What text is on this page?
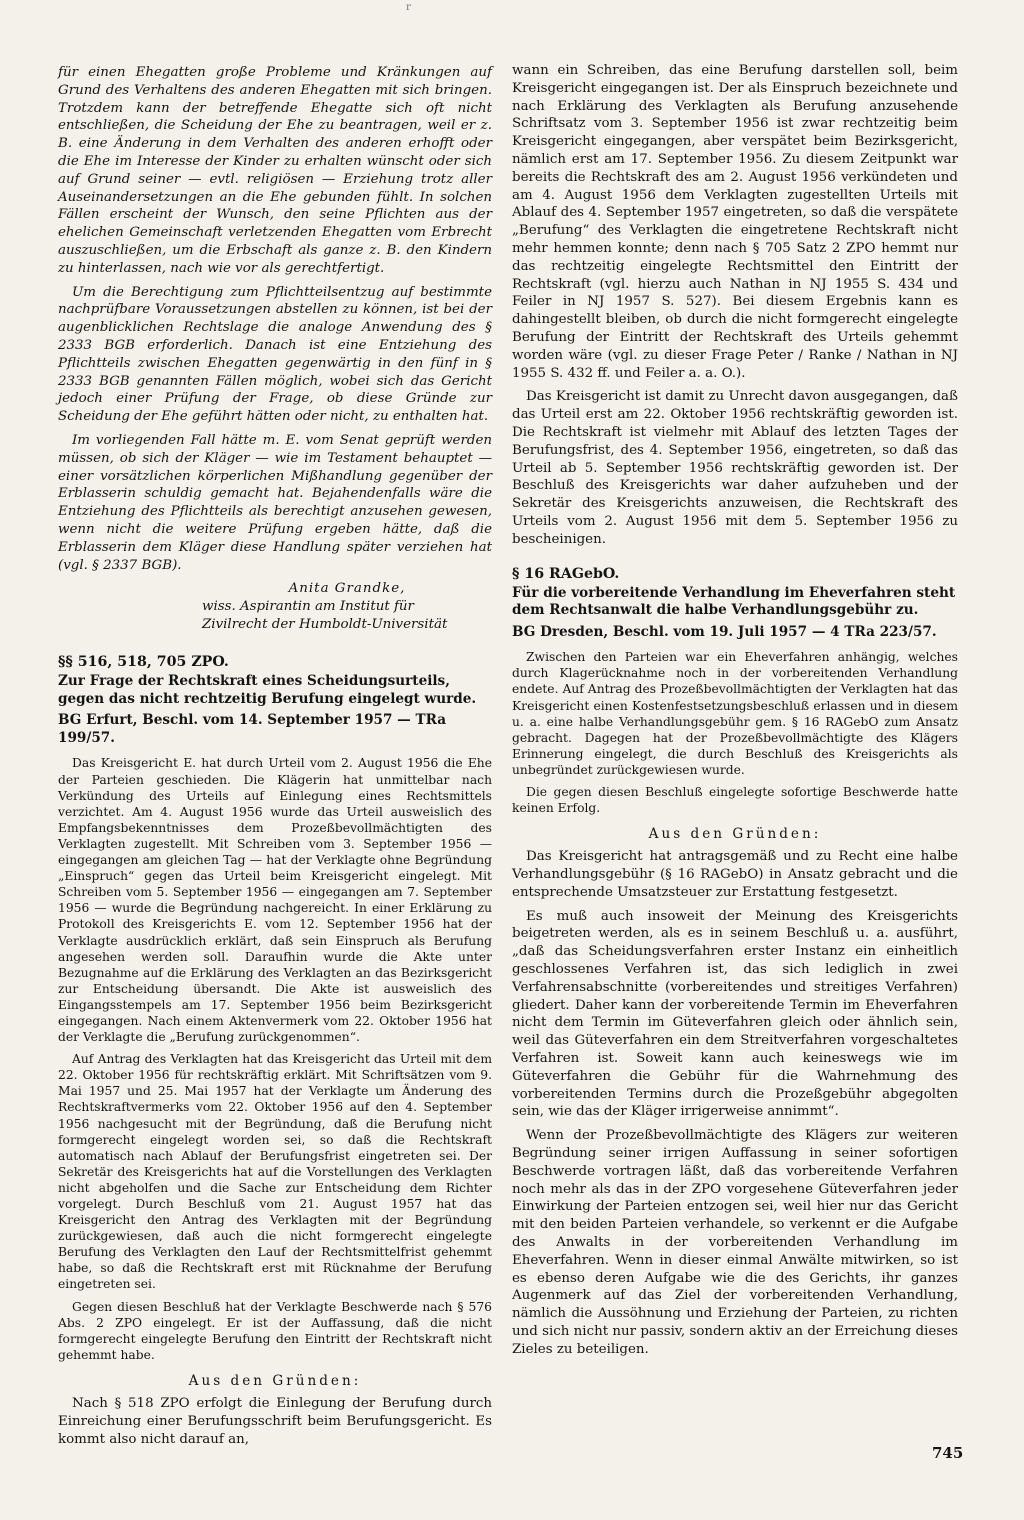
r

für einen Ehegatten große Probleme und Kränkungen auf Grund des Verhaltens des anderen Ehegatten mit sich bringen. Trotzdem kann der betreffende Ehegatte sich oft nicht entschließen, die Scheidung der Ehe zu beantragen, weil er z. B. eine Änderung in dem Verhalten des anderen erhofft oder die Ehe im Interesse der Kinder zu erhalten wünscht oder sich auf Grund seiner — evtl. religiösen — Erziehung trotz aller Auseinandersetzungen an die Ehe gebunden fühlt. In solchen Fällen erscheint der Wunsch, den seine Pflichten aus der ehelichen Gemeinschaft verletzenden Ehegatten vom Erbrecht auszuschließen, um die Erbschaft als ganze z. B. den Kindern zu hinterlassen, nach wie vor als gerechtfertigt.

Um die Berechtigung zum Pflichtteilsentzug auf bestimmte nachprüfbare Voraussetzungen abstellen zu können, ist bei der augenblicklichen Rechtslage die analoge Anwendung des § 2333 BGB erforderlich. Danach ist eine Entziehung des Pflichtteils zwischen Ehegatten gegenwärtig in den fünf in § 2333 BGB genannten Fällen möglich, wobei sich das Gericht jedoch einer Prüfung der Frage, ob diese Gründe zur Scheidung der Ehe geführt hätten oder nicht, zu enthalten hat.

Im vorliegenden Fall hätte m. E. vom Senat geprüft werden müssen, ob sich der Kläger — wie im Testament behauptet — einer vorsätzlichen körperlichen Mißhandlung gegenüber der Erblasserin schuldig gemacht hat. Bejahendenfalls wäre die Entziehung des Pflichtteils als berechtigt anzusehen gewesen, wenn nicht die weitere Prüfung ergeben hätte, daß die Erblasserin dem Kläger diese Handlung später verziehen hat (vgl. § 2337 BGB).

Anita Grandke,
wiss. Aspirantin am Institut für
Zivilrecht der Humboldt-Universität
§§ 516, 518, 705 ZPO.
Zur Frage der Rechtskraft eines Scheidungsurteils, gegen das nicht rechtzeitig Berufung eingelegt wurde.
BG Erfurt, Beschl. vom 14. September 1957 — TRa 199/57.

Das Kreisgericht E. hat durch Urteil vom 2. August 1956 die Ehe der Parteien geschieden. Die Klägerin hat unmittelbar nach Verkündung des Urteils auf Einlegung eines Rechtsmittels verzichtet. Am 4. August 1956 wurde das Urteil ausweislich des Empfangsbekenntnisses dem Prozeßbevollmächtigten des Verklagten zugestellt. Mit Schreiben vom 3. September 1956 — eingegangen am gleichen Tag — hat der Verklagte ohne Begründung „Einspruch“ gegen das Urteil beim Kreisgericht eingelegt. Mit Schreiben vom 5. September 1956 — eingegangen am 7. September 1956 — wurde die Begründung nachgereicht. In einer Erklärung zu Protokoll des Kreisgerichts E. vom 12. September 1956 hat der Verklagte ausdrücklich erklärt, daß sein Einspruch als Berufung angesehen werden soll. Daraufhin wurde die Akte unter Bezugnahme auf die Erklärung des Verklagten an das Bezirksgericht zur Entscheidung übersandt. Die Akte ist ausweislich des Eingangsstempels am 17. September 1956 beim Bezirksgericht eingegangen. Nach einem Aktenvermerk vom 22. Oktober 1956 hat der Verklagte die „Berufung zurückgenommen“.

Auf Antrag des Verklagten hat das Kreisgericht das Urteil mit dem 22. Oktober 1956 für rechtskräftig erklärt. Mit Schriftsätzen vom 9. Mai 1957 und 25. Mai 1957 hat der Verklagte um Änderung des Rechtskraftvermerks vom 22. Oktober 1956 auf den 4. September 1956 nachgesucht mit der Begründung, daß die Berufung nicht formgerecht eingelegt worden sei, so daß die Rechtskraft automatisch nach Ablauf der Berufungsfrist eingetreten sei. Der Sekretär des Kreisgerichts hat auf die Vorstellungen des Verklagten nicht abgeholfen und die Sache zur Entscheidung dem Richter vorgelegt. Durch Beschluß vom 21. August 1957 hat das Kreisgericht den Antrag des Verklagten mit der Begründung zurückgewiesen, daß auch die nicht formgerecht eingelegte Berufung des Verklagten den Lauf der Rechtsmittelfrist gehemmt habe, so daß die Rechtskraft erst mit Rücknahme der Berufung eingetreten sei.

Gegen diesen Beschluß hat der Verklagte Beschwerde nach § 576 Abs. 2 ZPO eingelegt. Er ist der Auffassung, daß die nicht formgerecht eingelegte Berufung den Eintritt der Rechtskraft nicht gehemmt habe.

Aus den Gründen:

Nach § 518 ZPO erfolgt die Einlegung der Berufung durch Einreichung einer Berufungsschrift beim Berufungsgericht. Es kommt also nicht darauf an,

wann ein Schreiben, das eine Berufung darstellen soll, beim Kreisgericht eingegangen ist. Der als Einspruch bezeichnete und nach Erklärung des Verklagten als Berufung anzusehende Schriftsatz vom 3. September 1956 ist zwar rechtzeitig beim Kreisgericht eingegangen, aber verspätet beim Bezirksgericht, nämlich erst am 17. September 1956. Zu diesem Zeitpunkt war bereits die Rechtskraft des am 2. August 1956 verkündeten und am 4. August 1956 dem Verklagten zugestellten Urteils mit Ablauf des 4. September 1957 eingetreten, so daß die verspätete „Berufung“ des Verklagten die eingetretene Rechtskraft nicht mehr hemmen konnte; denn nach § 705 Satz 2 ZPO hemmt nur das rechtzeitig eingelegte Rechtsmittel den Eintritt der Rechtskraft (vgl. hierzu auch Nathan in NJ 1955 S. 434 und Feiler in NJ 1957 S. 527). Bei diesem Ergebnis kann es dahingestellt bleiben, ob durch die nicht formgerecht eingelegte Berufung der Eintritt der Rechtskraft des Urteils gehemmt worden wäre (vgl. zu dieser Frage Peter / Ranke / Nathan in NJ 1955 S. 432 ff. und Feiler a. a. O.).

Das Kreisgericht ist damit zu Unrecht davon ausgegangen, daß das Urteil erst am 22. Oktober 1956 rechtskräftig geworden ist. Die Rechtskraft ist vielmehr mit Ablauf des letzten Tages der Berufungsfrist, des 4. September 1956, eingetreten, so daß das Urteil ab 5. September 1956 rechtskräftig geworden ist. Der Beschluß des Kreisgerichts war daher aufzuheben und der Sekretär des Kreisgerichts anzuweisen, die Rechtskraft des Urteils vom 2. August 1956 mit dem 5. September 1956 zu bescheinigen.

§ 16 RAGebO.
Für die vorbereitende Verhandlung im Eheverfahren steht dem Rechtsanwalt die halbe Verhandlungsgebühr zu.
BG Dresden, Beschl. vom 19. Juli 1957 — 4 TRa 223/57.

Zwischen den Parteien war ein Eheverfahren anhängig, welches durch Klagerücknahme noch in der vorbereitenden Verhandlung endete. Auf Antrag des Prozeßbevollmächtigten der Verklagten hat das Kreisgericht einen Kostenfestsetzungsbeschluß erlassen und in diesem u. a. eine halbe Verhandlungsgebühr gem. § 16 RAGebO zum Ansatz gebracht. Dagegen hat der Prozeßbevollmächtigte des Klägers Erinnerung eingelegt, die durch Beschluß des Kreisgerichts als unbegründet zurückgewiesen wurde.

Die gegen diesen Beschluß eingelegte sofortige Beschwerde hatte keinen Erfolg.

Aus den Gründen:

Das Kreisgericht hat antragsgemäß und zu Recht eine halbe Verhandlungsgebühr (§ 16 RAGebO) in Ansatz gebracht und die entsprechende Umsatzsteuer zur Erstattung festgesetzt.

Es muß auch insoweit der Meinung des Kreisgerichts beigetreten werden, als es in seinem Beschluß u. a. ausführt, „daß das Scheidungsverfahren erster Instanz ein einheitlich geschlossenes Verfahren ist, das sich lediglich in zwei Verfahrensabschnitte (vorbereitendes und streitiges Verfahren) gliedert. Daher kann der vorbereitende Termin im Eheverfahren nicht dem Termin im Güteverfahren gleich oder ähnlich sein, weil das Güteverfahren ein dem Streitverfahren vorgeschaltetes Verfahren ist. Soweit kann auch keineswegs wie im Güteverfahren die Gebühr für die Wahrnehmung des vorbereitenden Termins durch die Prozeßgebühr abgegolten sein, wie das der Kläger irrigerweise annimmt“.

Wenn der Prozeßbevollmächtigte des Klägers zur weiteren Begründung seiner irrigen Auffassung in seiner sofortigen Beschwerde vortragen läßt, daß das vorbereitende Verfahren noch mehr als das in der ZPO vorgesehene Güteverfahren jeder Einwirkung der Parteien entzogen sei, weil hier nur das Gericht mit den beiden Parteien verhandele, so verkennt er die Aufgabe des Anwalts in der vorbereitenden Verhandlung im Eheverfahren. Wenn in dieser einmal Anwälte mitwirken, so ist es ebenso deren Aufgabe wie die des Gerichts, ihr ganzes Augenmerk auf das Ziel der vorbereitenden Verhandlung, nämlich die Aussöhnung und Erziehung der Parteien, zu richten und sich nicht nur passiv, sondern aktiv an der Erreichung dieses Zieles zu beteiligen.

745
